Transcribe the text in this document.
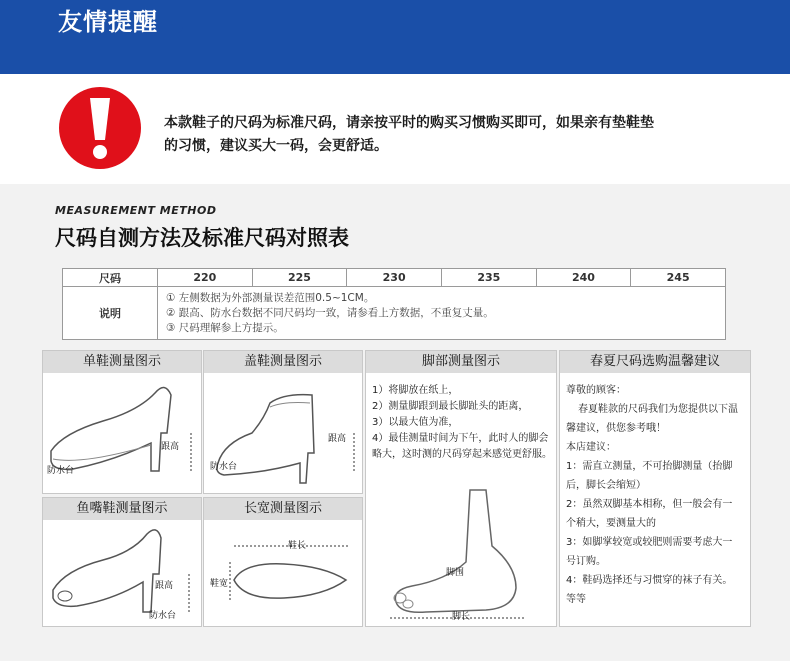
友情提醒
本款鞋子的尺码为标准尺码，请亲按平时的购买习惯购买即可，如果亲有垫鞋垫
的习惯，建议买大一码，会更舒适。
MEASUREMENT METHOD
尺码自测方法及标准尺码对照表
尺码	220	225	230	235	240	245
说明	① 左侧数据为外部测量误差范围0.5~1CM。
② 跟高、防水台数据不同尺码均一致，请参看上方数据，不重复丈量。
③ 尺码理解参上方提示。					
单鞋测量图示
跟高
防水台
盖鞋测量图示
跟高
防水台
鱼嘴鞋测量图示
跟高
防水台
长宽测量图示
鞋长
鞋宽
脚部测量图示
1）将脚放在纸上，
2）测量脚跟到最长脚趾头的距离，
3）以最大值为准，
4）最佳测量时间为下午，此时人的脚会略大，这时测的尺码穿起来感觉更舒服。
脚围
脚长
春夏尺码选购温馨建议
尊敬的顾客：
春夏鞋款的尺码我们为您提供以下温馨建议，供您参考哦！
本店建议：
1：需直立测量，不可抬脚测量（抬脚后，脚长会缩短）
2：虽然双脚基本相称，但一般会有一个稍大，要测量大的
3：如脚掌较宽或较肥则需要考虑大一号订购。
4：鞋码选择还与习惯穿的袜子有关。等等
